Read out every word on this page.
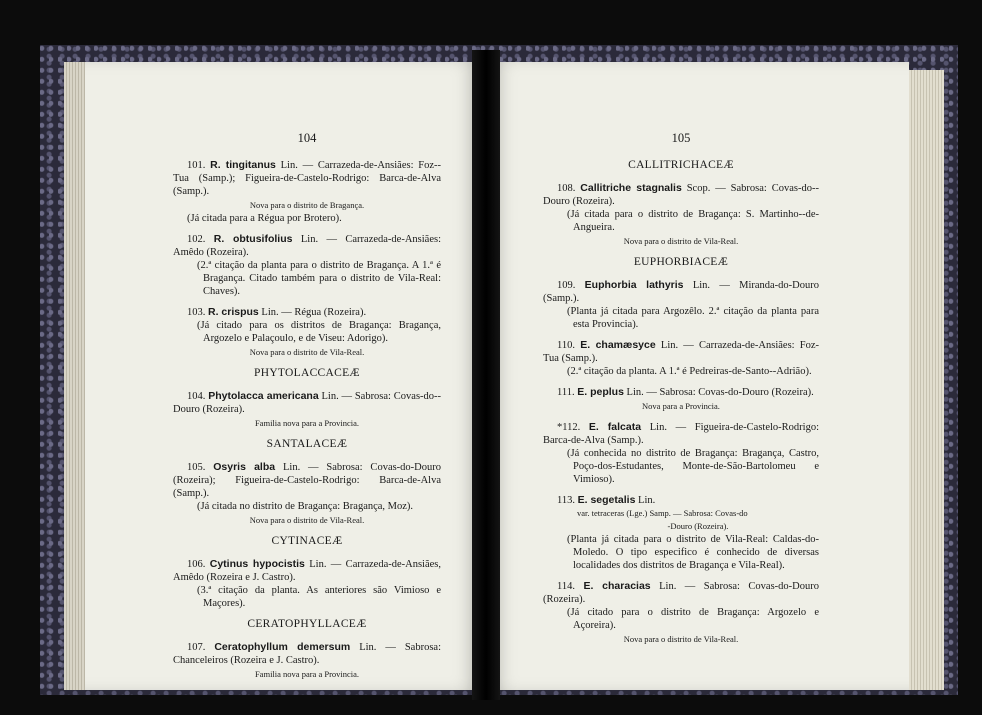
104

101. R. tingitanus Lin. — Carrazeda-de-Ansiães: Foz--Tua (Samp.); Figueira-de-Castelo-Rodrigo: Barca-de-Alva (Samp.).

Nova para o distrito de Bragança.

(Já citada para a Régua por Brotero).

102. R. obtusifolius Lin. — Carrazeda-de-Ansiães: Amêdo (Rozeira).

(2.ª citação da planta para o distrito de Bragança. A 1.ª é Bragança. Citado também para o distrito de Vila-Real: Chaves).

103. R. crispus Lin. — Régua (Rozeira).

(Já citado para os distritos de Bragança: Bragança, Argozelo e Palaçoulo, e de Viseu: Adorigo).

Nova para o distrito de Vila-Real.
PHYTOLACCACEÆ

104. Phytolacca americana Lin. — Sabrosa: Covas-do--Douro (Rozeira).

Familia nova para a Provincia.
SANTALACEÆ

105. Osyris alba Lin. — Sabrosa: Covas-do-Douro (Rozeira); Figueira-de-Castelo-Rodrigo: Barca-de-Alva (Samp.).

(Já citada no distrito de Bragança: Bragança, Moz).

Nova para o distrito de Vila-Real.
CYTINACEÆ

106. Cytinus hypocistis Lin. — Carrazeda-de-Ansiães, Amêdo (Rozeira e J. Castro).

(3.ª citação da planta. As anteriores são Vimioso e Maçores).

CERATOPHYLLACEÆ

107. Ceratophyllum demersum Lin. — Sabrosa: Chanceleiros (Rozeira e J. Castro).

Familia nova para a Provincia.
105
CALLITRICHACEÆ

108. Callitriche stagnalis Scop. — Sabrosa: Covas-do--Douro (Rozeira).

(Já citada para o distrito de Bragança: S. Martinho--de-Angueira.

Nova para o distrito de Vila-Real.
EUPHORBIACEÆ

109. Euphorbia lathyris Lin. — Miranda-do-Douro (Samp.).

(Planta já citada para Argozêlo. 2.ª citação da planta para esta Provincia).

110. E. chamæsyce Lin. — Carrazeda-de-Ansiães: Foz-Tua (Samp.).

(2.ª citação da planta. A 1.ª é Pedreiras-de-Santo--Adrião).

111. E. peplus Lin. — Sabrosa: Covas-do-Douro (Rozeira).

Nova para a Provincia.

*112. E. falcata Lin. — Figueira-de-Castelo-Rodrigo: Barca-de-Alva (Samp.).

(Já conhecida no distrito de Bragança: Bragança, Castro, Poço-dos-Estudantes, Monte-de-São-Bartolomeu e Vimioso).

113. E. segetalis Lin.

var. tetraceras (Lge.) Samp. — Sabrosa: Covas-do

-Douro (Rozeira).

(Planta já citada para o distrito de Vila-Real: Caldas-do-Moledo. O tipo especifico é conhecido de diversas localidades dos distritos de Bragança e Vila-Real).

114. E. characias Lin. — Sabrosa: Covas-do-Douro (Rozeira).

(Já citado para o distrito de Bragança: Argozelo e Açoreira).

Nova para o distrito de Vila-Real.
